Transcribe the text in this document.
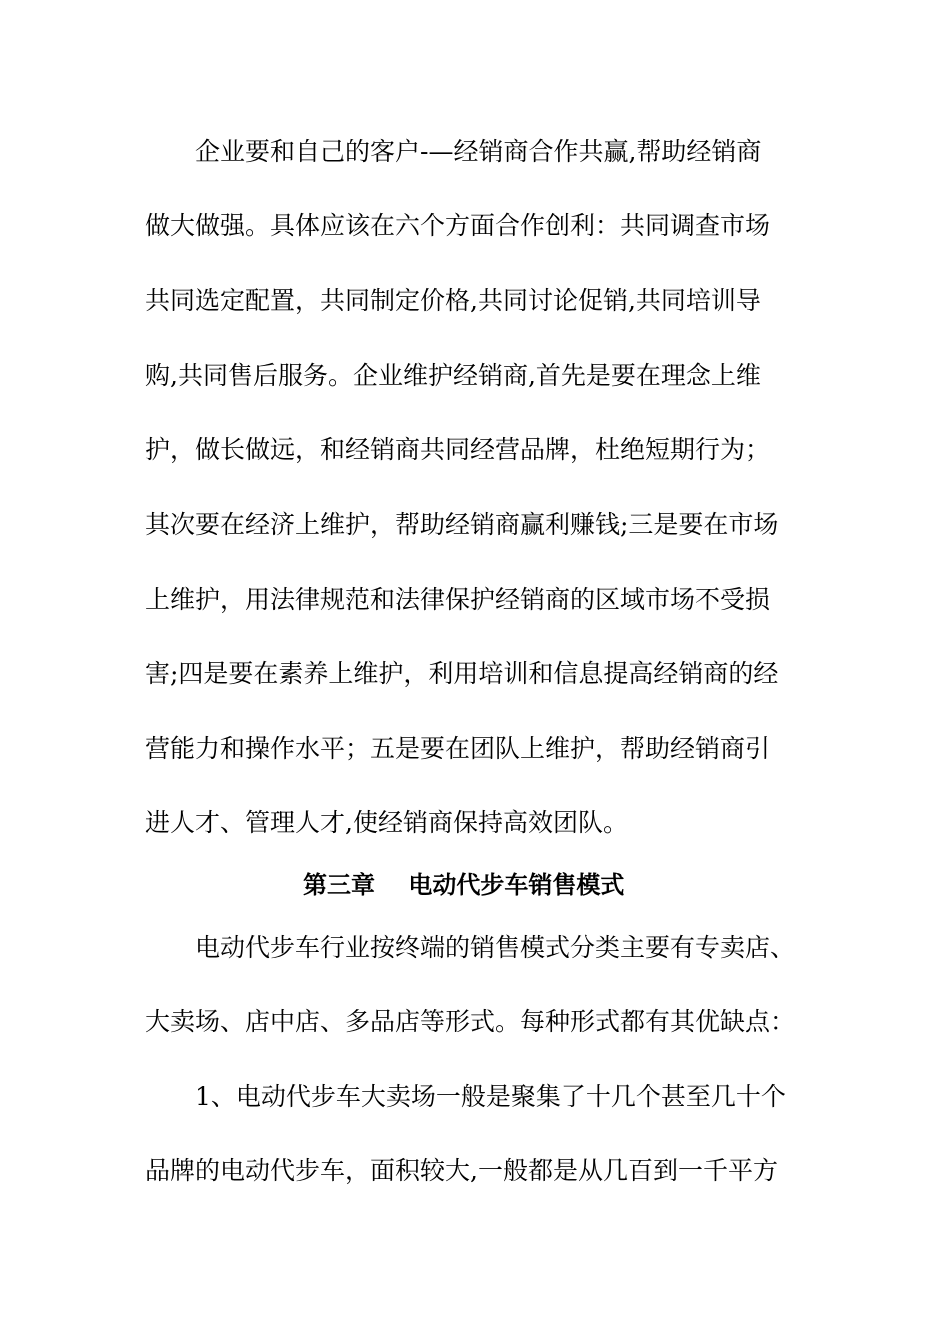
企业要和自己的客户-—经销商合作共赢,帮助经销商
做大做强。具体应该在六个方面合作创利：共同调查市场
共同选定配置，共同制定价格,共同讨论促销,共同培训导
购,共同售后服务。企业维护经销商,首先是要在理念上维
护，做长做远，和经销商共同经营品牌，杜绝短期行为；
其次要在经济上维护，帮助经销商赢利赚钱;三是要在市场
上维护，用法律规范和法律保护经销商的区域市场不受损
害;四是要在素养上维护，利用培训和信息提高经销商的经
营能力和操作水平；五是要在团队上维护，帮助经销商引
进人才、管理人才,使经销商保持高效团队。
第三章    电动代步车销售模式
电动代步车行业按终端的销售模式分类主要有专卖店、
大卖场、店中店、多品店等形式。每种形式都有其优缺点：
1、电动代步车大卖场一般是聚集了十几个甚至几十个
品牌的电动代步车，面积较大,一般都是从几百到一千平方
